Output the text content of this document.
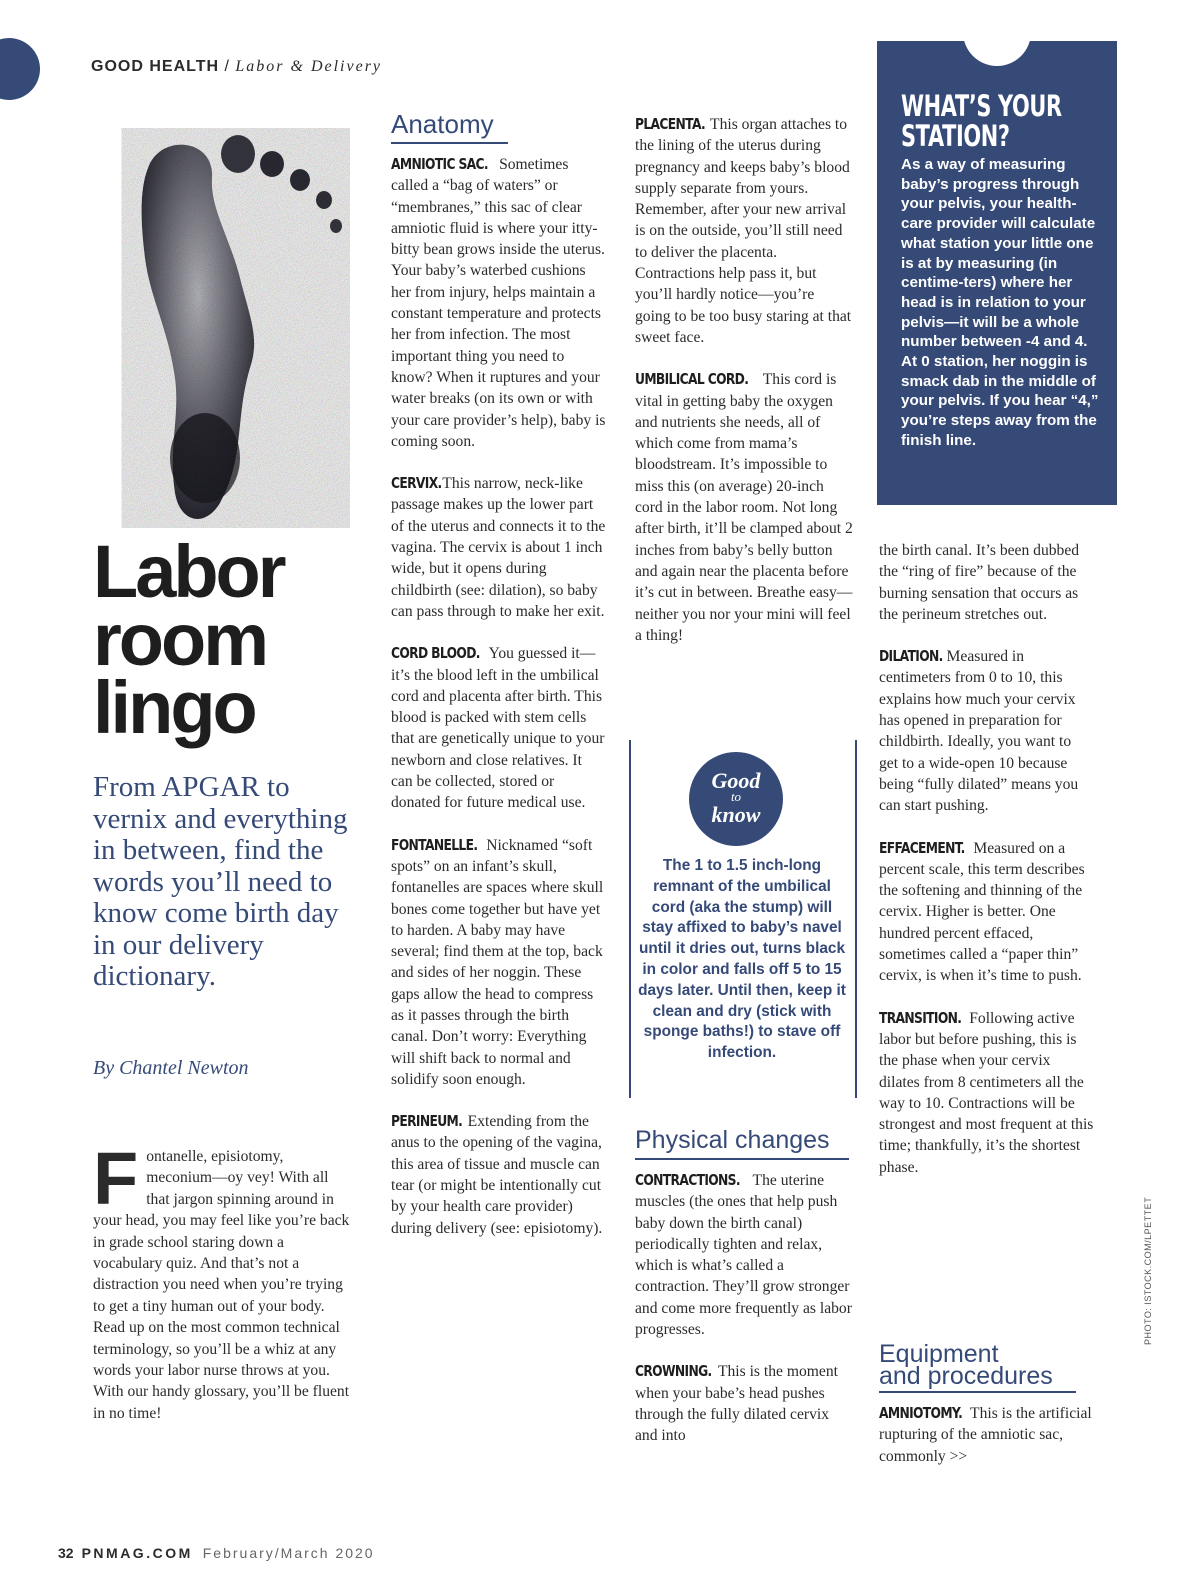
GOOD HEALTH / Labor & Delivery
Labor
room
lingo
From APGAR to vernix and everything in between, find the words you’ll need to know come birth day in our delivery dictionary.
By Chantel Newton
Fontanelle, episiotomy, meconium—oy vey! With all that jargon spinning around in your head, you may feel like you’re back in grade school staring down a vocabulary quiz. And that’s not a distraction you need when you’re trying to get a tiny human out of your body. Read up on the most common technical terminology, so you’ll be a whiz at any words your labor nurse throws at you. With our handy glossary, you’ll be fluent in no time!
Anatomy

AMNIOTIC SAC. Sometimes called a “bag of waters” or “membranes,” this sac of clear amniotic fluid is where your itty-bitty bean grows inside the uterus. Your baby’s waterbed cushions her from injury, helps maintain a constant temperature and protects her from infection. The most important thing you need to know? When it ruptures and your water breaks (on its own or with your care provider’s help), baby is coming soon.

CERVIX. This narrow, neck-like passage makes up the lower part of the uterus and connects it to the vagina. The cervix is about 1 inch wide, but it opens during childbirth (see: dilation), so baby can pass through to make her exit.

CORD BLOOD. You guessed it—it’s the blood left in the umbilical cord and placenta after birth. This blood is packed with stem cells that are genetically unique to your newborn and close relatives. It can be collected, stored or donated for future medical use.

FONTANELLE. Nicknamed “soft spots” on an infant’s skull, fontanelles are spaces where skull bones come together but have yet to harden. A baby may have several; find them at the top, back and sides of her noggin. These gaps allow the head to compress as it passes through the birth canal. Don’t worry: Everything will shift back to normal and solidify soon enough.

PERINEUM. Extending from the anus to the opening of the vagina, this area of tissue and muscle can tear (or might be intentionally cut by your health care provider) during delivery (see: episiotomy).

PLACENTA. This organ attaches to the lining of the uterus during pregnancy and keeps baby’s blood supply separate from yours. Remember, after your new arrival is on the outside, you’ll still need to deliver the placenta. Contractions help pass it, but you’ll hardly notice—you’re going to be too busy staring at that sweet face.

UMBILICAL CORD. This cord is vital in getting baby the oxygen and nutrients she needs, all of which come from mama’s bloodstream. It’s impossible to miss this (on average) 20-inch cord in the labor room. Not long after birth, it’ll be clamped about 2 inches from baby’s belly button and again near the placenta before it’s cut in between. Breathe easy—neither you nor your mini will feel a thing!

Good
to
know
The 1 to 1.5 inch-long remnant of the umbilical cord (aka the stump) will stay affixed to baby’s navel until it dries out, turns black in color and falls off 5 to 15 days later. Until then, keep it clean and dry (stick with sponge baths!) to stave off infection.
Physical changes

CONTRACTIONS. The uterine muscles (the ones that help push baby down the birth canal) periodically tighten and relax, which is what’s called a contraction. They’ll grow stronger and come more frequently as labor progresses.

CROWNING. This is the moment when your babe’s head pushes through the fully dilated cervix and into

WHAT’S YOUR STATION?
As a way of measuring baby’s progress through your pelvis, your health-care provider will calculate what station your little one is at by measuring (in centime-ters) where her head is in relation to your pelvis—it will be a whole number between -4 and 4. At 0 station, her noggin is smack dab in the middle of your pelvis. If you hear “4,” you’re steps away from the finish line.

the birth canal. It’s been dubbed the “ring of fire” because of the burning sensation that occurs as the perineum stretches out.

DILATION. Measured in centimeters from 0 to 10, this explains how much your cervix has opened in preparation for childbirth. Ideally, you want to get to a wide-open 10 because being “fully dilated” means you can start pushing.

EFFACEMENT. Measured on a percent scale, this term describes the softening and thinning of the cervix. Higher is better. One hundred percent effaced, sometimes called a “paper thin” cervix, is when it’s time to push.

TRANSITION. Following active labor but before pushing, this is the phase when your cervix dilates from 8 centimeters all the way to 10. Contractions will be strongest and most frequent at this time; thankfully, it’s the shortest phase.

Equipment
and procedures

AMNIOTOMY. This is the artificial rupturing of the amniotic sac, commonly >>

PHOTO: ISTOCK.COM/LPETTET
32 PNMAG.COM February/March 2020
